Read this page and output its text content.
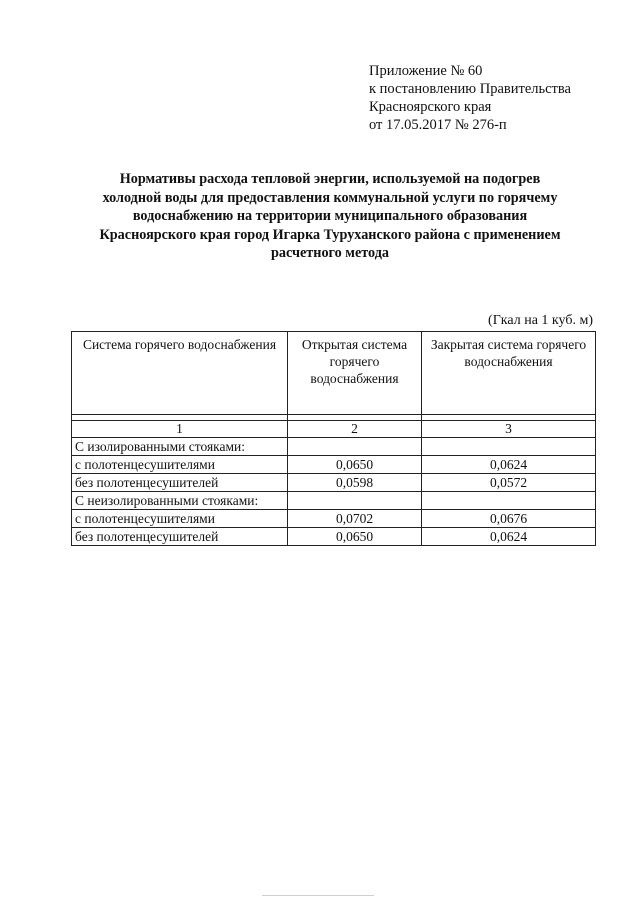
Приложение № 60
к постановлению Правительства
Красноярского края
от 17.05.2017 № 276-п
Нормативы расхода тепловой энергии, используемой на подогрев
холодной воды для предоставления коммунальной услуги по горячему
водоснабжению на территории муниципального образования
Красноярского края город Игарка Туруханского района с применением
расчетного метода
(Гкал на 1 куб. м)
Система горячего водоснабжения	Открытая система горячего водоснабжения	Закрытая система горячего водоснабжения

1	2	3
С изолированными стояками:		
с полотенцесушителями	0,0650	0,0624
без полотенцесушителей	0,0598	0,0572
С неизолированными стояками:		
с полотенцесушителями	0,0702	0,0676
без полотенцесушителей	0,0650	0,0624
